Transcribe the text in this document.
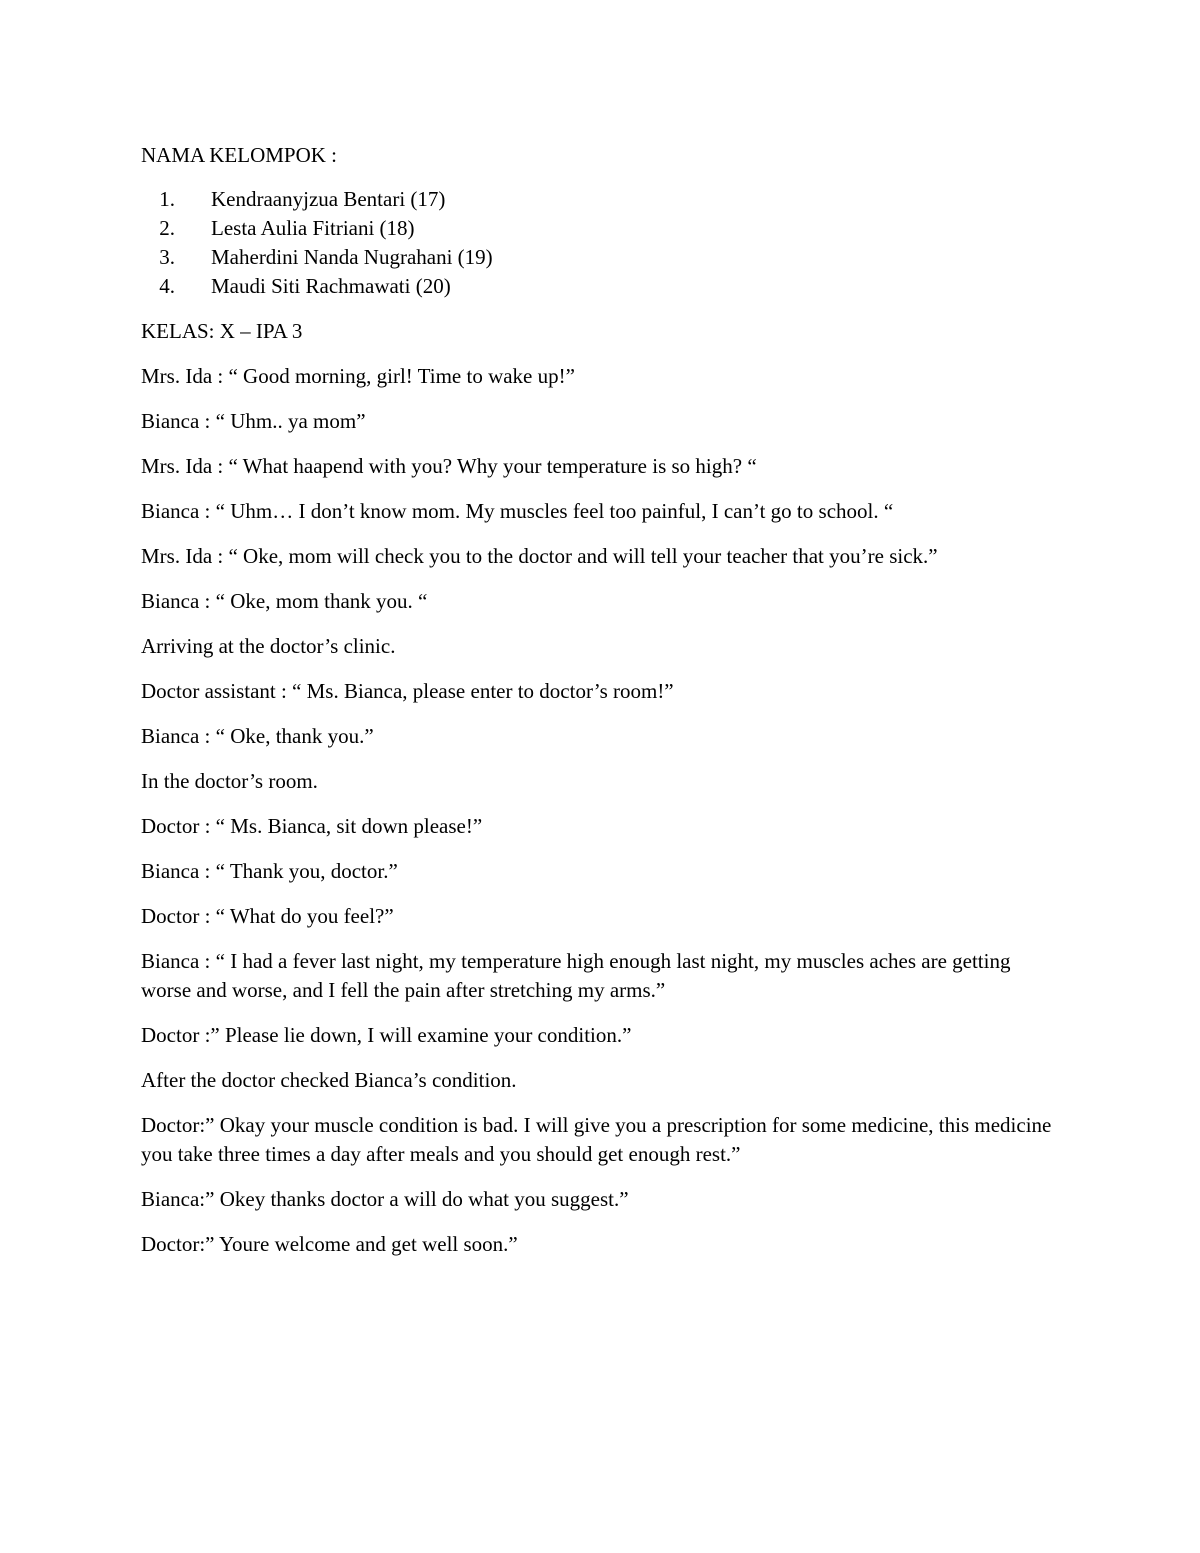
NAMA KELOMPOK :

1.	Kendraanyjzua Bentari (17)
2.	Lesta Aulia Fitriani (18)
3.	Maherdini Nanda Nugrahani (19)
4.	Maudi Siti Rachmawati (20)

KELAS: X – IPA 3

Mrs. Ida : “ Good morning, girl! Time to wake up!”

Bianca : “ Uhm.. ya mom”

Mrs. Ida : “ What haapend with you? Why your temperature is so high? “

Bianca : “ Uhm… I don’t know mom. My muscles feel too painful, I can’t go to school. “

Mrs. Ida : “ Oke, mom will check you to the doctor and will tell your teacher that you’re sick.”

Bianca : “ Oke, mom thank you. “

Arriving at the doctor’s clinic.

Doctor assistant : “ Ms. Bianca, please enter to doctor’s room!”

Bianca : “ Oke, thank you.”

In the doctor’s room.

Doctor : “ Ms. Bianca, sit down please!”

Bianca : “ Thank you, doctor.”

Doctor : “ What do you feel?”

Bianca : “ I had a fever last night, my temperature high enough last night, my muscles aches are getting worse and worse, and I fell the pain after stretching my arms.”

Doctor :” Please lie down, I will examine your condition.”

After the doctor checked Bianca’s condition.

Doctor:” Okay your muscle condition is bad. I will give you a prescription for some medicine, this medicine you take three times a day after meals and you should get enough rest.”

Bianca:” Okey thanks doctor a will do what you suggest.”

Doctor:” Youre welcome and get well soon.”
